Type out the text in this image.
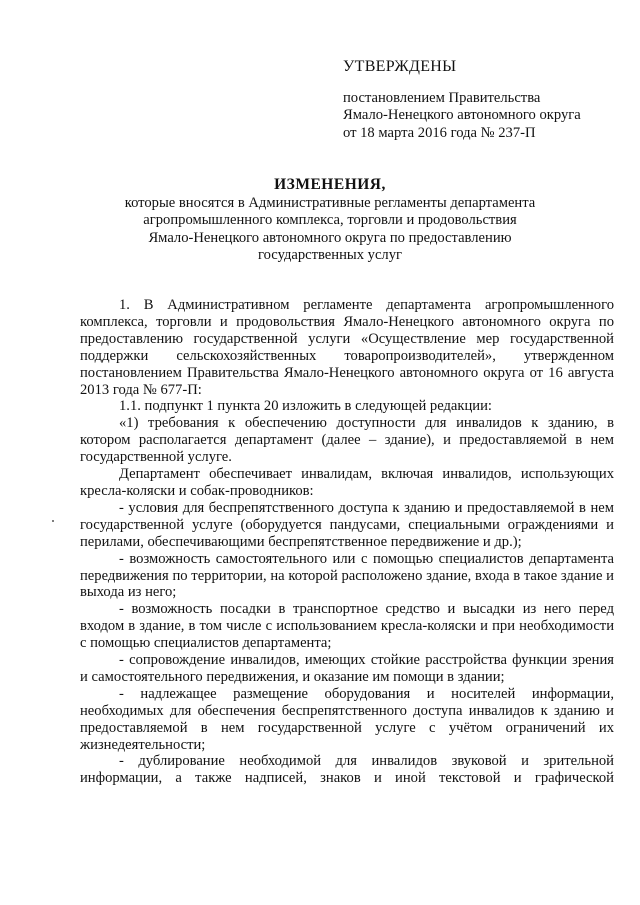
УТВЕРЖДЕНЫ
постановлением Правительства
Ямало-Ненецкого автономного округа
от 18 марта 2016 года № 237-П
ИЗМЕНЕНИЯ,
которые вносятся в Административные регламенты департамента
агропромышленного комплекса, торговли и продовольствия
Ямало-Ненецкого автономного округа по предоставлению
государственных услуг

1. В Административном регламенте департамента агропромышленного комплекса, торговли и продовольствия Ямало-Ненецкого автономного округа по предоставлению государственной услуги «Осуществление мер государственной поддержки сельскохозяйственных товаропроизводителей», утвержденном постановлением Правительства Ямало-Ненецкого автономного округа от 16 августа 2013 года № 677-П:

1.1. подпункт 1 пункта 20 изложить в следующей редакции:

«1) требования к обеспечению доступности для инвалидов к зданию, в котором располагается департамент (далее – здание), и предоставляемой в нем государственной услуге.

Департамент обеспечивает инвалидам, включая инвалидов, использующих кресла-коляски и собак-проводников:

- условия для беспрепятственного доступа к зданию и предоставляемой в нем государственной услуге (оборудуется пандусами, специальными ограждениями и перилами, обеспечивающими беспрепятственное передвижение и др.);

- возможность самостоятельного или с помощью специалистов департамента передвижения по территории, на которой расположено здание, входа в такое здание и выхода из него;

- возможность посадки в транспортное средство и высадки из него перед входом в здание, в том числе с использованием кресла-коляски и при необходимости с помощью специалистов департамента;

- сопровождение инвалидов, имеющих стойкие расстройства функции зрения и самостоятельного передвижения, и оказание им помощи в здании;

- надлежащее размещение оборудования и носителей информации, необходимых для обеспечения беспрепятственного доступа инвалидов к зданию и предоставляемой в нем государственной услуге с учётом ограничений их жизнедеятельности;

- дублирование необходимой для инвалидов звуковой и зрительной информации, а также надписей, знаков и иной текстовой и графической
